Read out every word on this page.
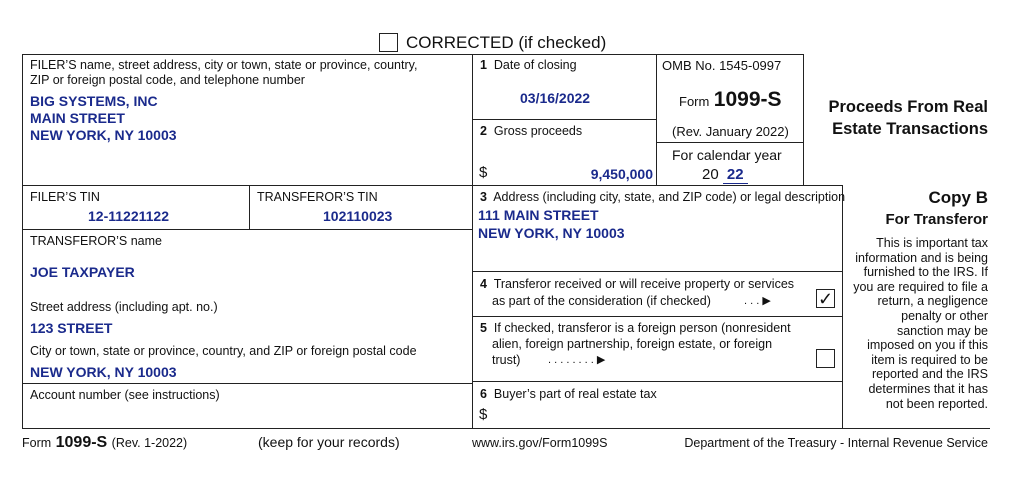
CORRECTED (if checked)
FILER’S name, street address, city or town, state or province, country,
ZIP or foreign postal code, and telephone number
BIG SYSTEMS, INC
MAIN STREET
NEW YORK, NY 10003
1 Date of closing
03/16/2022
2 Gross proceeds
$	9,450,000
OMB No. 1545-0997
Form 1099-S
(Rev. January 2022)
For calendar year
20 22
Proceeds From Real
Estate Transactions
FILER’S TIN
12-11221122
TRANSFEROR’S TIN
102110023
TRANSFEROR’S name
JOE TAXPAYER
Street address (including apt. no.)
123 STREET
City or town, state or province, country, and ZIP or foreign postal code
NEW YORK, NY 10003
Account number (see instructions)
3 Address (including city, state, and ZIP code) or legal description
111 MAIN STREET
NEW YORK, NY 10003
4 Transferor received or will receive property or services
as part of the consideration (if checked)	. . . ▶	✓
5 If checked, transferor is a foreign person (nonresident
alien, foreign partnership, foreign estate, or foreign
trust)	. . . . . . . . ▶
6 Buyer’s part of real estate tax
$
Copy B
For Transferor
This is important tax
information and is being
furnished to the IRS. If
you are required to file a
return, a negligence
penalty or other
sanction may be
imposed on you if this
item is required to be
reported and the IRS
determines that it has
not been reported.
Form 1099-S (Rev. 1-2022)	(keep for your records)	www.irs.gov/Form1099S	Department of the Treasury - Internal Revenue Service
